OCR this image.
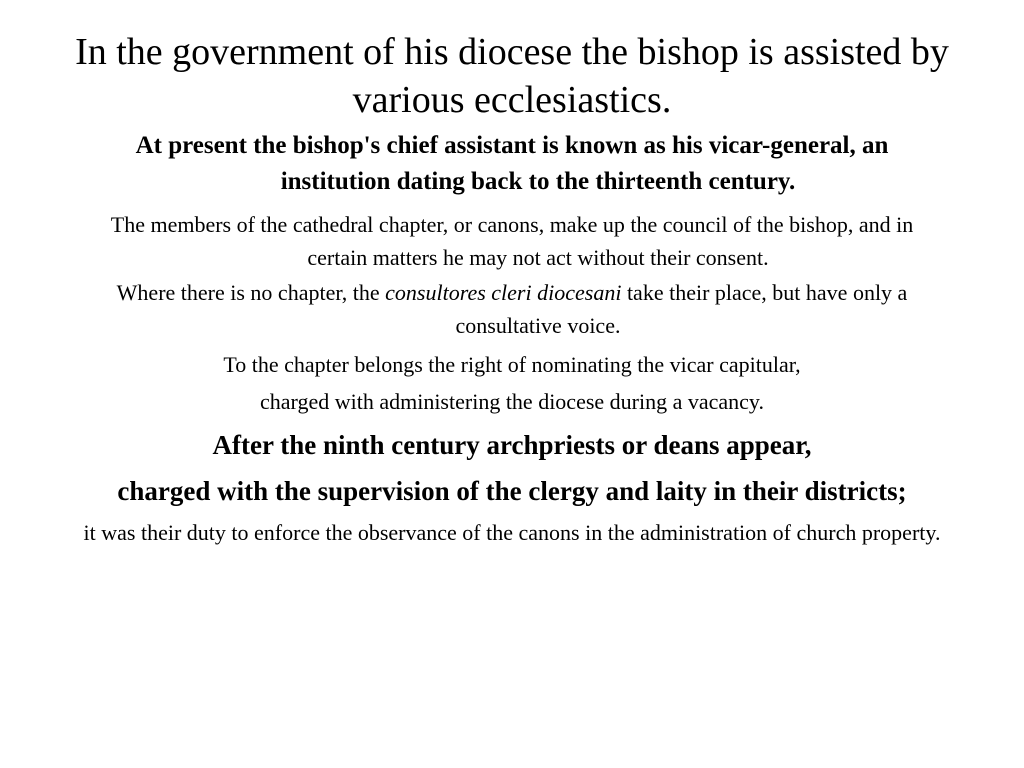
In the government of his diocese the bishop is assisted by various ecclesiastics.

At present the bishop's chief assistant is known as his vicar-general, an institution dating back to the thirteenth century.

The members of the cathedral chapter, or canons, make up the council of the bishop, and in certain matters he may not act without their consent.

Where there is no chapter, the consultores cleri diocesani take their place, but have only a consultative voice.

To the chapter belongs the right of nominating the vicar capitular,

charged with administering the diocese during a vacancy.

After the ninth century archpriests or deans appear,

charged with the supervision of the clergy and laity in their districts;

it was their duty to enforce the observance of the canons in the administration of church property.
